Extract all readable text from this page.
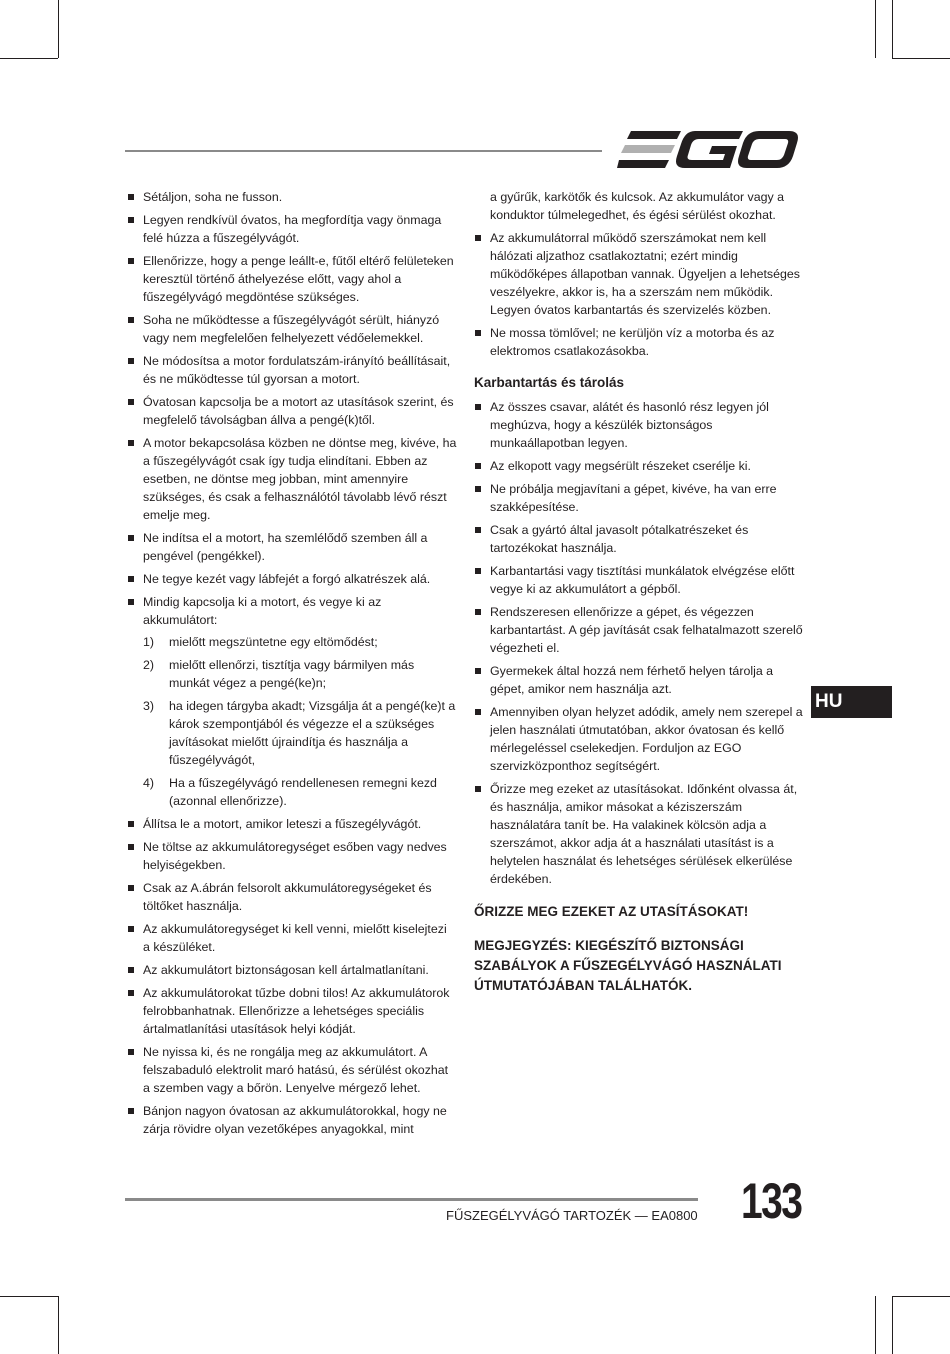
Sétáljon, soha ne fusson.
Legyen rendkívül óvatos, ha megfordítja vagy önmaga felé húzza a fűszegélyvágót.
Ellenőrizze, hogy a penge leállt-e, fűtől eltérő felületeken keresztül történő áthelyezése előtt, vagy ahol a fűszegélyvágó megdöntése szükséges.
Soha ne működtesse a fűszegélyvágót sérült, hiányzó vagy nem megfelelően felhelyezett védőelemekkel.
Ne módosítsa a motor fordulatszám-irányító beállításait, és ne működtesse túl gyorsan a motort.
Óvatosan kapcsolja be a motort az utasítások szerint, és megfelelő távolságban állva a pengé(k)től.
A motor bekapcsolása közben ne döntse meg, kivéve, ha a fűszegélyvágót csak így tudja elindítani. Ebben az esetben, ne döntse meg jobban, mint amennyire szükséges, és csak a felhasználótól távolabb lévő részt emelje meg.
Ne indítsa el a motort, ha szemlélődő szemben áll a pengével (pengékkel).
Ne tegye kezét vagy lábfejét a forgó alkatrészek alá.
Mindig kapcsolja ki a motort, és vegye ki az akkumulátort:
1) mielőtt megszüntetne egy eltömődést;
2) mielőtt ellenőrzi, tisztítja vagy bármilyen más munkát végez a pengé(ke)n;
3) ha idegen tárgyba akadt; Vizsgálja át a pengé(ke)t a károk szempontjából és végezze el a szükséges javításokat mielőtt újraindítja és használja a fűszegélyvágót,
4) Ha a fűszegélyvágó rendellenesen remegni kezd (azonnal ellenőrizze).
Állítsa le a motort, amikor leteszi a fűszegélyvágót.
Ne töltse az akkumulátoregységet esőben vagy nedves helyiségekben.
Csak az A.ábrán felsorolt akkumulátoregységeket és töltőket használja.
Az akkumulátoregységet ki kell venni, mielőtt kiselejtezi a készüléket.
Az akkumulátort biztonságosan kell ártalmatlanítani.
Az akkumulátorokat tűzbe dobni tilos! Az akkumulátorok felrobbanhatnak. Ellenőrizze a lehetséges speciális ártalmatlanítási utasítások helyi kódját.
Ne nyissa ki, és ne rongálja meg az akkumulátort. A felszabaduló elektrolit maró hatású, és sérülést okozhat a szemben vagy a bőrön. Lenyelve mérgező lehet.
Bánjon nagyon óvatosan az akkumulátorokkal, hogy ne zárja rövidre olyan vezetőképes anyagokkal, mint
a gyűrűk, karkötők és kulcsok. Az akkumulátor vagy a konduktor túlmelegedhet, és égési sérülést okozhat.
Az akkumulátorral működő szerszámokat nem kell hálózati aljzathoz csatlakoztatni; ezért mindig működőképes állapotban vannak. Ügyeljen a lehetséges veszélyekre, akkor is, ha a szerszám nem működik. Legyen óvatos karbantartás és szervizelés közben.
Ne mossa tömlővel; ne kerüljön víz a motorba és az elektromos csatlakozásokba.
Karbantartás és tárolás
Az összes csavar, alátét és hasonló rész legyen jól meghúzva, hogy a készülék biztonságos munkaállapotban legyen.
Az elkopott vagy megsérült részeket cserélje ki.
Ne próbálja megjavítani a gépet, kivéve, ha van erre szakképesítése.
Csak a gyártó által javasolt pótalkatrészeket és tartozékokat használja.
Karbantartási vagy tisztítási munkálatok elvégzése előtt vegye ki az akkumulátort a gépből.
Rendszeresen ellenőrizze a gépet, és végezzen karbantartást. A gép javítását csak felhatalmazott szerelő végezheti el.
Gyermekek által hozzá nem férhető helyen tárolja a gépet, amikor nem használja azt.
Amennyiben olyan helyzet adódik, amely nem szerepel a jelen használati útmutatóban, akkor óvatosan és kellő mérlegeléssel cselekedjen. Forduljon az EGO szervizközponthoz segítségért.
Őrizze meg ezeket az utasításokat. Időnként olvassa át, és használja, amikor másokat a kéziszerszám használatára tanít be. Ha valakinek kölcsön adja a szerszámot, akkor adja át a használati utasítást is a helytelen használat és lehetséges sérülések elkerülése érdekében.
ŐRIZZE MEG EZEKET AZ UTASÍTÁSOKAT!
MEGJEGYZÉS: KIEGÉSZÍTŐ BIZTONSÁGI SZABÁLYOK A FŰSZEGÉLYVÁGÓ HASZNÁLATI ÚTMUTATÓJÁBAN TALÁLHATÓK.
HU
FŰSZEGÉLYVÁGÓ TARTOZÉK — EA0800 133
